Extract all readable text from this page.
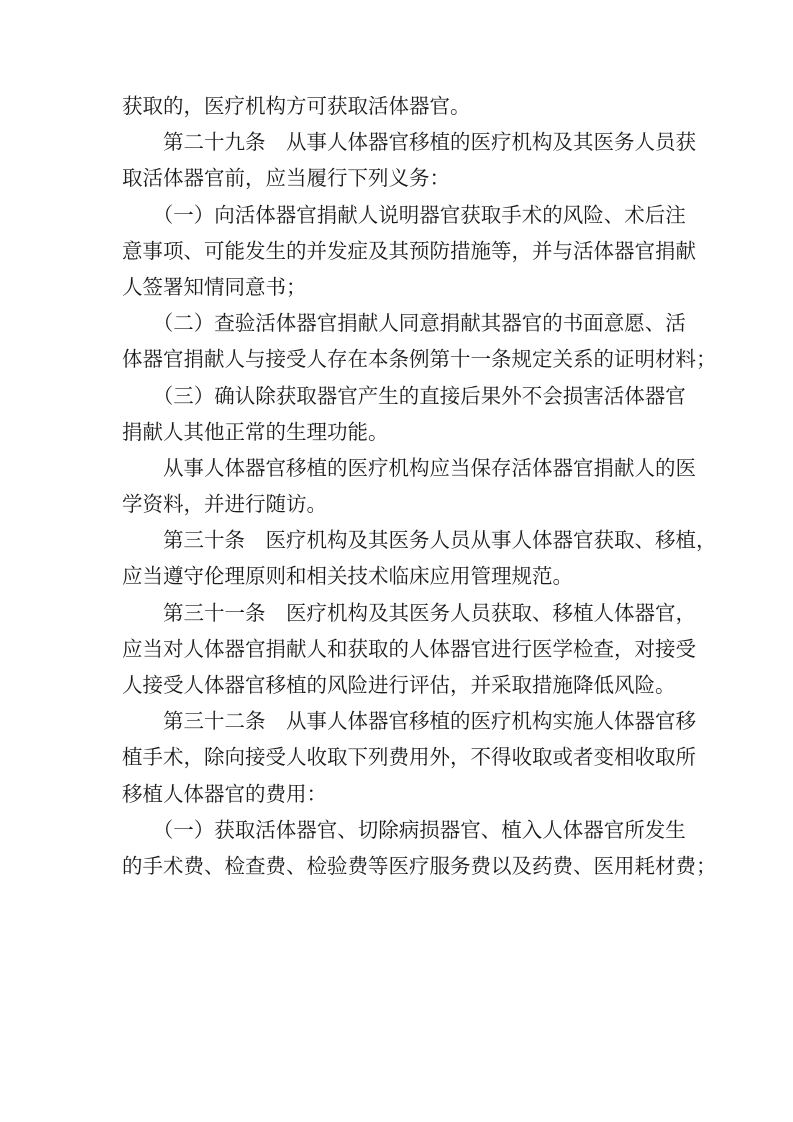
获取的，医疗机构方可获取活体器官。
　　第二十九条　从事人体器官移植的医疗机构及其医务人员获
取活体器官前，应当履行下列义务：
　　（一）向活体器官捐献人说明器官获取手术的风险、术后注
意事项、可能发生的并发症及其预防措施等，并与活体器官捐献
人签署知情同意书；
　　（二）查验活体器官捐献人同意捐献其器官的书面意愿、活
体器官捐献人与接受人存在本条例第十一条规定关系的证明材料；
　　（三）确认除获取器官产生的直接后果外不会损害活体器官
捐献人其他正常的生理功能。
　　从事人体器官移植的医疗机构应当保存活体器官捐献人的医
学资料，并进行随访。
　　第三十条　医疗机构及其医务人员从事人体器官获取、移植，
应当遵守伦理原则和相关技术临床应用管理规范。
　　第三十一条　医疗机构及其医务人员获取、移植人体器官，
应当对人体器官捐献人和获取的人体器官进行医学检查，对接受
人接受人体器官移植的风险进行评估，并采取措施降低风险。
　　第三十二条　从事人体器官移植的医疗机构实施人体器官移
植手术，除向接受人收取下列费用外，不得收取或者变相收取所
移植人体器官的费用：
　　（一）获取活体器官、切除病损器官、植入人体器官所发生
的手术费、检查费、检验费等医疗服务费以及药费、医用耗材费；
